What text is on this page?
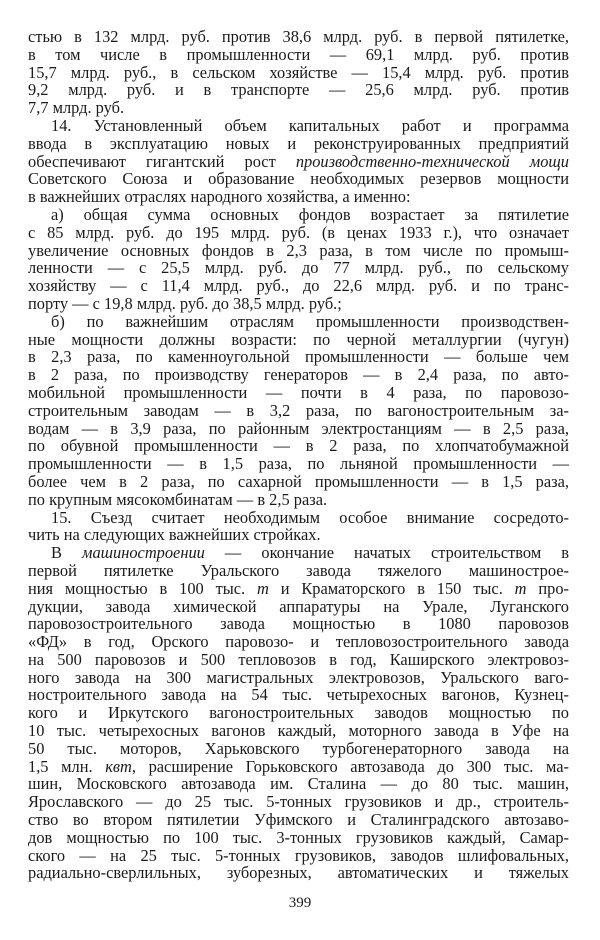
стью в 132 млрд. руб. против 38,6 млрд. руб. в первой пятилетке,
в том числе в промышленности — 69,1 млрд. руб. против
15,7 млрд. руб., в сельском хозяйстве — 15,4 млрд. руб. против
9,2 млрд. руб. и в транспорте — 25,6 млрд. руб. против
7,7 млрд. руб.
14. Установленный объем капитальных работ и программа
ввода в эксплуатацию новых и реконструированных предприятий
обеспечивают гигантский рост производственно-технической мощи
Советского Союза и образование необходимых резервов мощности
в важнейших отраслях народного хозяйства, а именно:
а) общая сумма основных фондов возрастает за пятилетие
с 85 млрд. руб. до 195 млрд. руб. (в ценах 1933 г.), что означает
увеличение основных фондов в 2,3 раза, в том числе по промыш-
ленности — с 25,5 млрд. руб. до 77 млрд. руб., по сельскому
хозяйству — с 11,4 млрд. руб., до 22,6 млрд. руб. и по транс-
порту — с 19,8 млрд. руб. до 38,5 млрд. руб.;
б) по важнейшим отраслям промышленности производствен-
ные мощности должны возрасти: по черной металлургии (чугун)
в 2,3 раза, по каменноугольной промышленности — больше чем
в 2 раза, по производству генераторов — в 2,4 раза, по авто-
мобильной промышленности — почти в 4 раза, по паровозо-
строительным заводам — в 3,2 раза, по вагоностроительным за-
водам — в 3,9 раза, по районным электростанциям — в 2,5 раза,
по обувной промышленности — в 2 раза, по хлопчатобумажной
промышленности — в 1,5 раза, по льняной промышленности —
более чем в 2 раза, по сахарной промышленности — в 1,5 раза,
по крупным мясокомбинатам — в 2,5 раза.
15. Съезд считает необходимым особое внимание сосредото-
чить на следующих важнейших стройках.
В машиностроении — окончание начатых строительством в
первой пятилетке Уральского завода тяжелого машинострое-
ния мощностью в 100 тыс. т и Краматорского в 150 тыс. т про-
дукции, завода химической аппаратуры на Урале, Луганского
паровозостроительного завода мощностью в 1080 паровозов
«ФД» в год, Орского паровозо- и тепловозостроительного завода
на 500 паровозов и 500 тепловозов в год, Каширского электровоз-
ного завода на 300 магистральных электровозов, Уральского ваго-
ностроительного завода на 54 тыс. четырехосных вагонов, Кузнец-
кого и Иркутского вагоностроительных заводов мощностью по
10 тыс. четырехосных вагонов каждый, моторного завода в Уфе на
50 тыс. моторов, Харьковского турбогенераторного завода на
1,5 млн. квт, расширение Горьковского автозавода до 300 тыс. ма-
шин, Московского автозавода им. Сталина — до 80 тыс. машин,
Ярославского — до 25 тыс. 5-тонных грузовиков и др., строитель-
ство во втором пятилетии Уфимского и Сталинградского автозаво-
дов мощностью по 100 тыс. 3-тонных грузовиков каждый, Самар-
ского — на 25 тыс. 5-тонных грузовиков, заводов шлифовальных,
радиально-сверлильных, зуборезных, автоматических и тяжелых
399
